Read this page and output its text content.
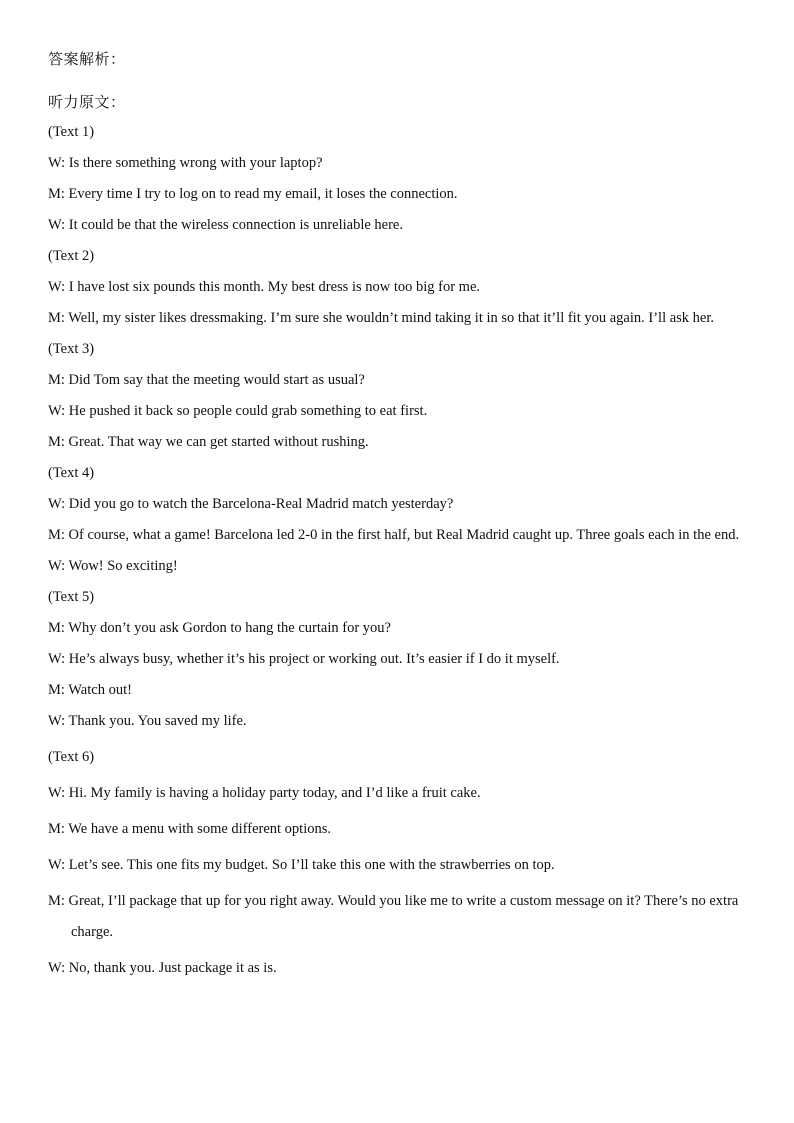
答案解析：
听力原文：

(Text 1)

W: Is there something wrong with your laptop?

M: Every time I try to log on to read my email, it loses the connection.

W: It could be that the wireless connection is unreliable here.

(Text 2)

W: I have lost six pounds this month. My best dress is now too big for me.

M: Well, my sister likes dressmaking. I’m sure she wouldn’t mind taking it in so that it’ll fit you again. I’ll ask her.

(Text 3)

M: Did Tom say that the meeting would start as usual?

W: He pushed it back so people could grab something to eat first.

M: Great. That way we can get started without rushing.

(Text 4)

W: Did you go to watch the Barcelona-Real Madrid match yesterday?

M: Of course, what a game! Barcelona led 2-0 in the first half, but Real Madrid caught up. Three goals each in the end.

W: Wow! So exciting!

(Text 5)

M: Why don’t you ask Gordon to hang the curtain for you?

W: He’s always busy, whether it’s his project or working out. It’s easier if I do it myself.

M: Watch out!

W: Thank you. You saved my life.

(Text 6)

W: Hi. My family is having a holiday party today, and I’d like a fruit cake.

M: We have a menu with some different options.

W: Let’s see. This one fits my budget. So I’ll take this one with the strawberries on top.

M: Great, I’ll package that up for you right away. Would you like me to write a custom message on it? There’s no extra charge.

W: No, thank you. Just package it as is.
